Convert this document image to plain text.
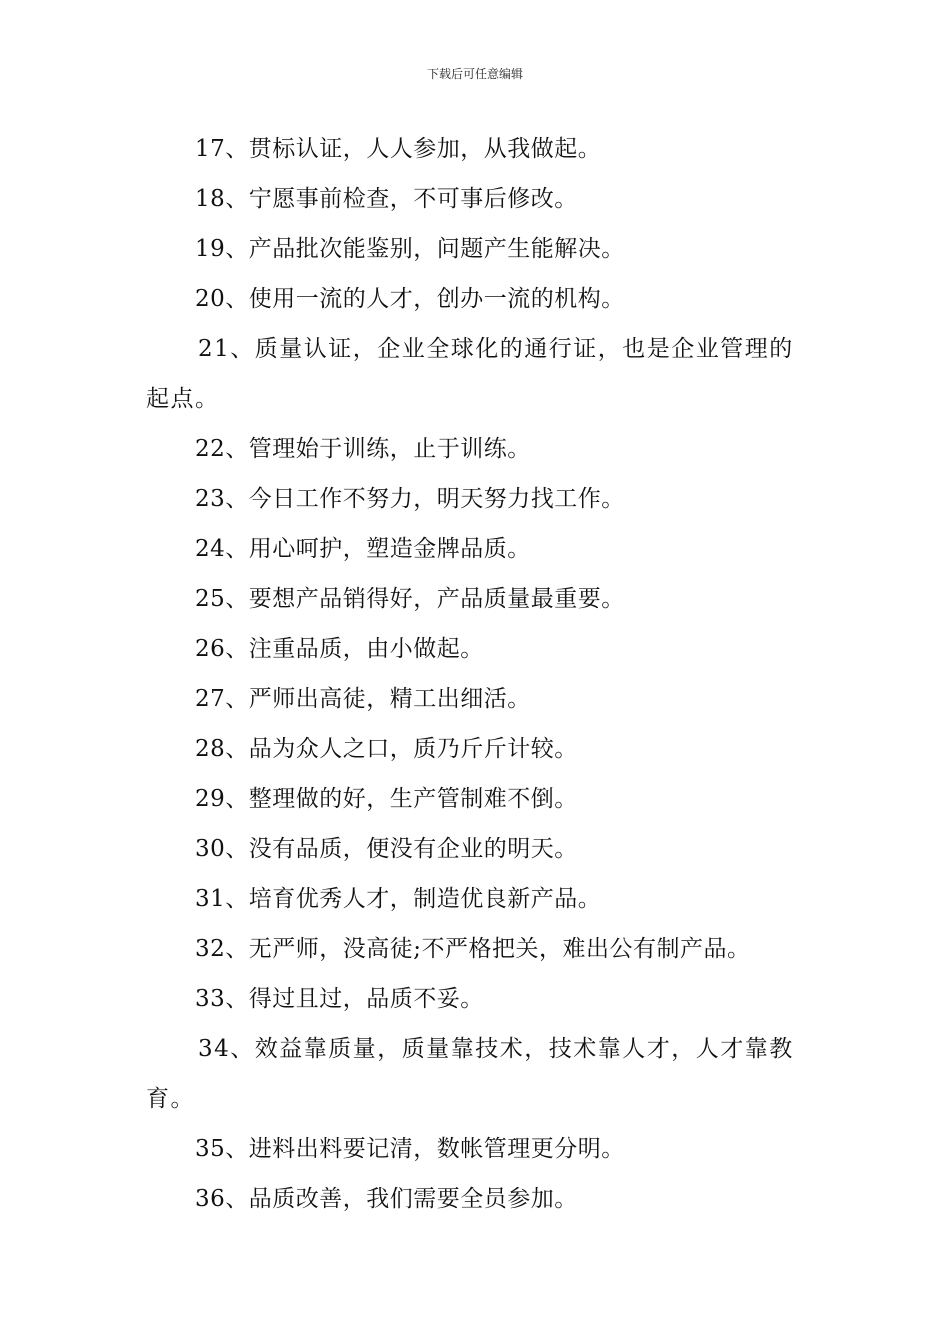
下载后可任意编辑

17、贯标认证，人人参加，从我做起。

18、宁愿事前检查，不可事后修改。

19、产品批次能鉴别，问题产生能解决。

20、使用一流的人才，创办一流的机构。

21、质量认证，企业全球化的通行证，也是企业管理的起点。

22、管理始于训练，止于训练。

23、今日工作不努力，明天努力找工作。

24、用心呵护，塑造金牌品质。

25、要想产品销得好，产品质量最重要。

26、注重品质，由小做起。

27、严师出高徒，精工出细活。

28、品为众人之口，质乃斤斤计较。

29、整理做的好，生产管制难不倒。

30、没有品质，便没有企业的明天。

31、培育优秀人才，制造优良新产品。

32、无严师，没高徒;不严格把关，难出公有制产品。

33、得过且过，品质不妥。

34、效益靠质量，质量靠技术，技术靠人才，人才靠教育。

35、进料出料要记清，数帐管理更分明。

36、品质改善，我们需要全员参加。
